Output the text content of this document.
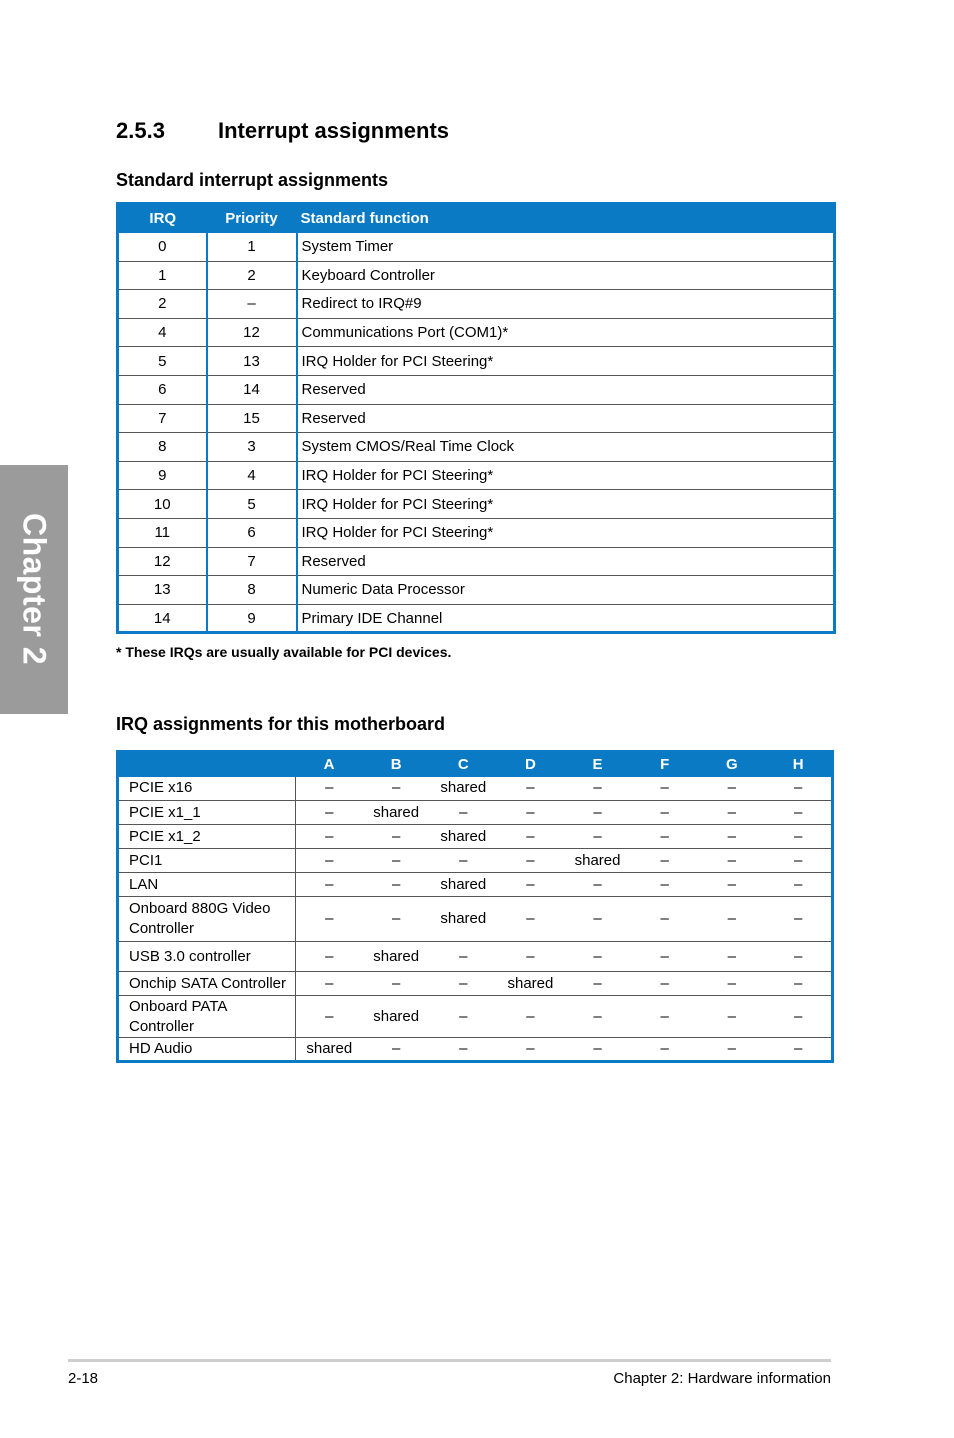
Chapter 2
2.5.3 Interrupt assignments
Standard interrupt assignments
IRQ	Priority	Standard function
0	1	System Timer
1	2	Keyboard Controller
2	–	Redirect to IRQ#9
4	12	Communications Port (COM1)*
5	13	IRQ Holder for PCI Steering*
6	14	Reserved
7	15	Reserved
8	3	System CMOS/Real Time Clock
9	4	IRQ Holder for PCI Steering*
10	5	IRQ Holder for PCI Steering*
11	6	IRQ Holder for PCI Steering*
12	7	Reserved
13	8	Numeric Data Processor
14	9	Primary IDE Channel

* These IRQs are usually available for PCI devices.

IRQ assignments for this motherboard
	A	B	C	D	E	F	G	H
PCIE x16	–	–	shared	–	–	–	–	–
PCIE x1_1	–	shared	–	–	–	–	–	–
PCIE x1_2	–	–	shared	–	–	–	–	–
PCI1	–	–	–	–	shared	–	–	–
LAN	–	–	shared	–	–	–	–	–
Onboard 880G Video Controller	–	–	shared	–	–	–	–	–
USB 3.0 controller	–	shared	–	–	–	–	–	–
Onchip SATA Controller	–	–	–	shared	–	–	–	–
Onboard PATA Controller	–	shared	–	–	–	–	–	–
HD Audio	shared	–	–	–	–	–	–	–
2-18	Chapter 2: Hardware information
